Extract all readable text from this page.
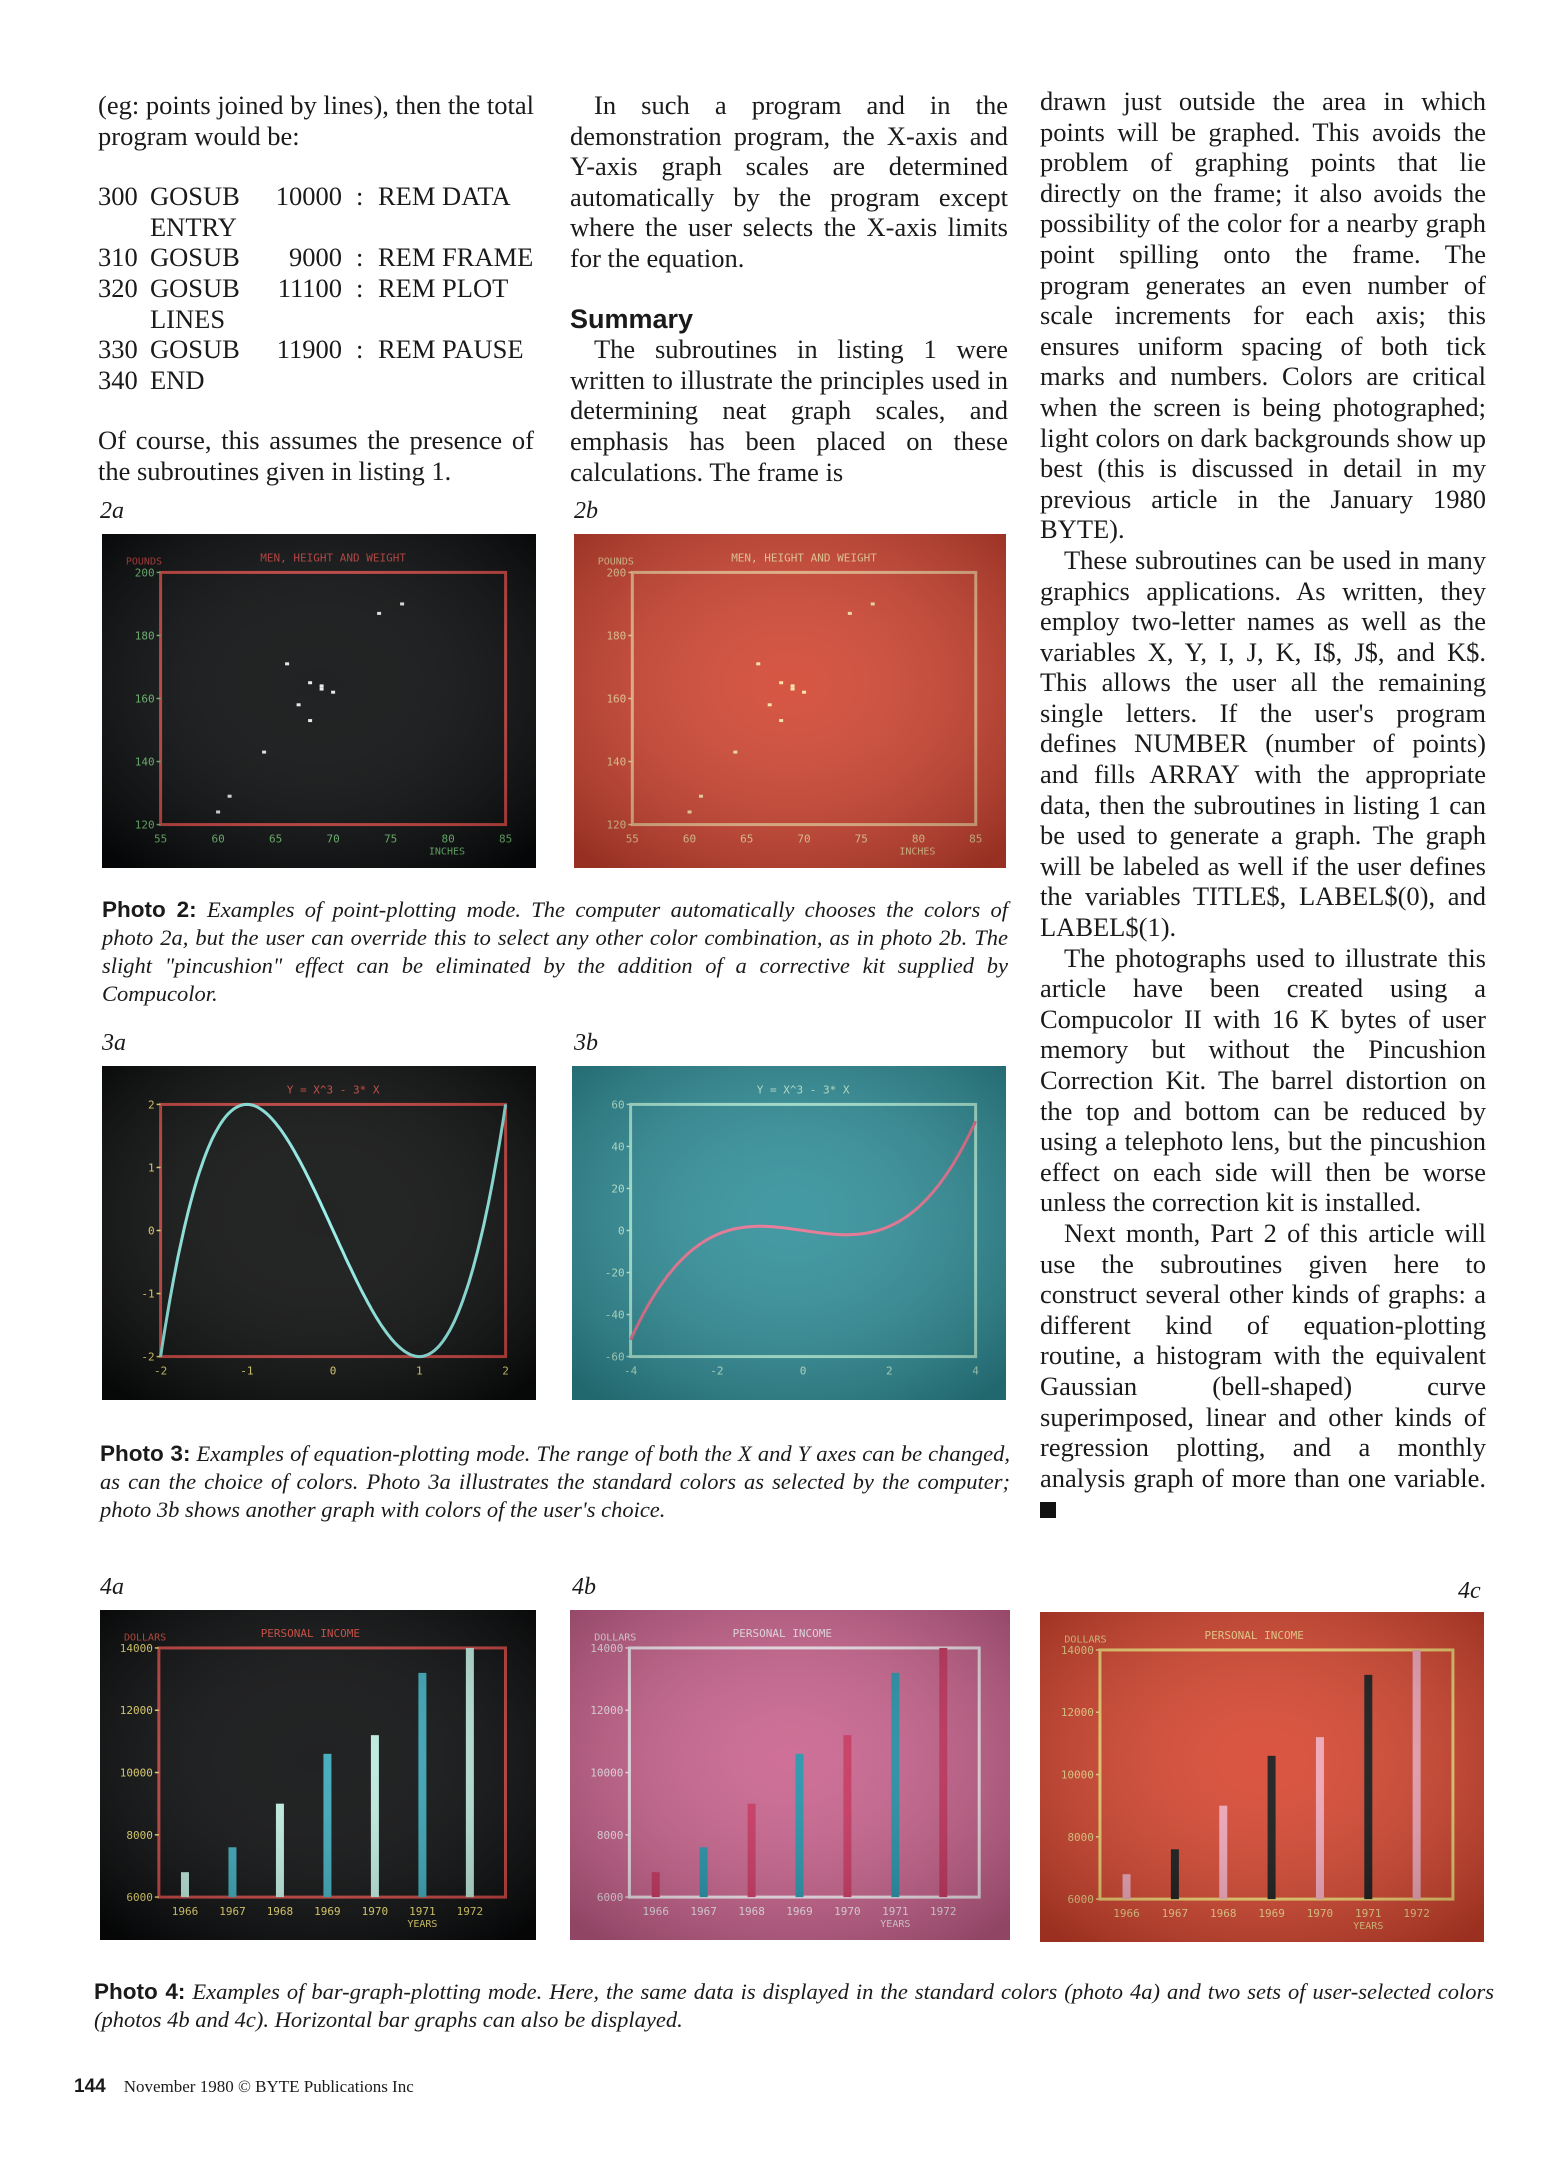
(eg: points joined by lines), then the total program would be:

300 GOSUB	10000 : REM DATA
ENTRY
310 GOSUB	9000 : REM FRAME
320 GOSUB	11100 : REM PLOT
LINES
330 GOSUB	11900 : REM PAUSE
340 END

Of course, this assumes the presence of the subroutines given in listing 1.

In such a program and in the demonstration program, the X-axis and Y-axis graph scales are determined automatically by the program except where the user selects the X-axis limits for the equation.

Summary

The subroutines in listing 1 were written to illustrate the principles used in determining neat graph scales, and emphasis has been placed on these calculations. The frame is

drawn just outside the area in which points will be graphed. This avoids the problem of graphing points that lie directly on the frame; it also avoids the possibility of the color for a nearby graph point spilling onto the frame. The program generates an even number of scale increments for each axis; this ensures uniform spacing of both tick marks and numbers. Colors are critical when the screen is being photographed; light colors on dark backgrounds show up best (this is discussed in detail in my previous article in the January 1980 BYTE).

These subroutines can be used in many graphics applications. As written, they employ two-letter names as well as the variables X, Y, I, J, K, I$, J$, and K$. This allows the user all the remaining single letters. If the user's program defines NUMBER (number of points) and fills ARRAY with the appropriate data, then the subroutines in listing 1 can be used to generate a graph. The graph will be labeled as well if the user defines the variables TITLE$, LABEL$(0), and LABEL$(1).

The photographs used to illustrate this article have been created using a Compucolor II with 16 K bytes of user memory but without the Pincushion Correction Kit. The barrel distortion on the top and bottom can be reduced by using a telephoto lens, but the pincushion effect on each side will then be worse unless the correction kit is installed.

Next month, Part 2 of this article will use the subroutines given here to construct several other kinds of graphs: a different kind of equation-plotting routine, a histogram with the equivalent Gaussian (bell-shaped) curve superimposed, linear and other kinds of regression plotting, and a monthly analysis graph of more than one variable.

2a	2b
3a	3b
4a	4b	4c
Photo 2: Examples of point-plotting mode. The computer automatically chooses the colors of photo 2a, but the user can override this to select any other color combination, as in photo 2b. The slight "pincushion" effect can be eliminated by the addition of a corrective kit supplied by Compucolor.
Photo 3: Examples of equation-plotting mode. The range of both the X and Y axes can be changed, as can the choice of colors. Photo 3a illustrates the standard colors as selected by the computer; photo 3b shows another graph with colors of the user's choice.
Photo 4: Examples of bar-graph-plotting mode. Here, the same data is displayed in the standard colors (photo 4a) and two sets of user-selected colors (photos 4b and 4c). Horizontal bar graphs can also be displayed.
144 November 1980 © BYTE Publications Inc
